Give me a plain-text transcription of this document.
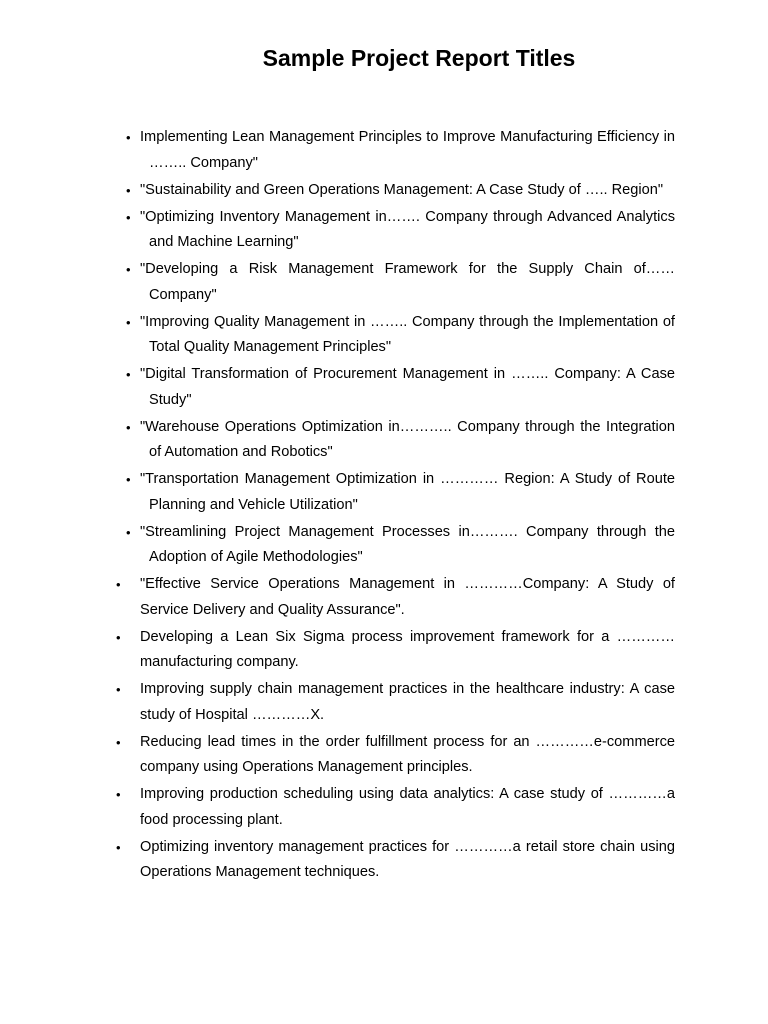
Sample Project Report Titles
• Implementing Lean Management Principles to Improve Manufacturing Efficiency in …….. Company"
• "Sustainability and Green Operations Management: A Case Study of ….. Region"
• "Optimizing Inventory Management in……. Company through Advanced Analytics and Machine Learning"
• "Developing a Risk Management Framework for the Supply Chain of…… Company"
• "Improving Quality Management in …….. Company through the Implementation of Total Quality Management Principles"
• "Digital Transformation of Procurement Management in …….. Company: A Case Study"
• "Warehouse Operations Optimization in……….. Company through the Integration of Automation and Robotics"
• "Transportation Management Optimization in ………… Region: A Study of Route Planning and Vehicle Utilization"
• "Streamlining Project Management Processes in………. Company through the Adoption of Agile Methodologies"
• "Effective Service Operations Management in …………Company: A Study of Service Delivery and Quality Assurance".
• Developing a Lean Six Sigma process improvement framework for a …………manufacturing company.
• Improving supply chain management practices in the healthcare industry: A case study of Hospital …………X.
• Reducing lead times in the order fulfillment process for an …………e-commerce company using Operations Management principles.
• Improving production scheduling using data analytics: A case study of …………a food processing plant.
• Optimizing inventory management practices for …………a retail store chain using Operations Management techniques.
